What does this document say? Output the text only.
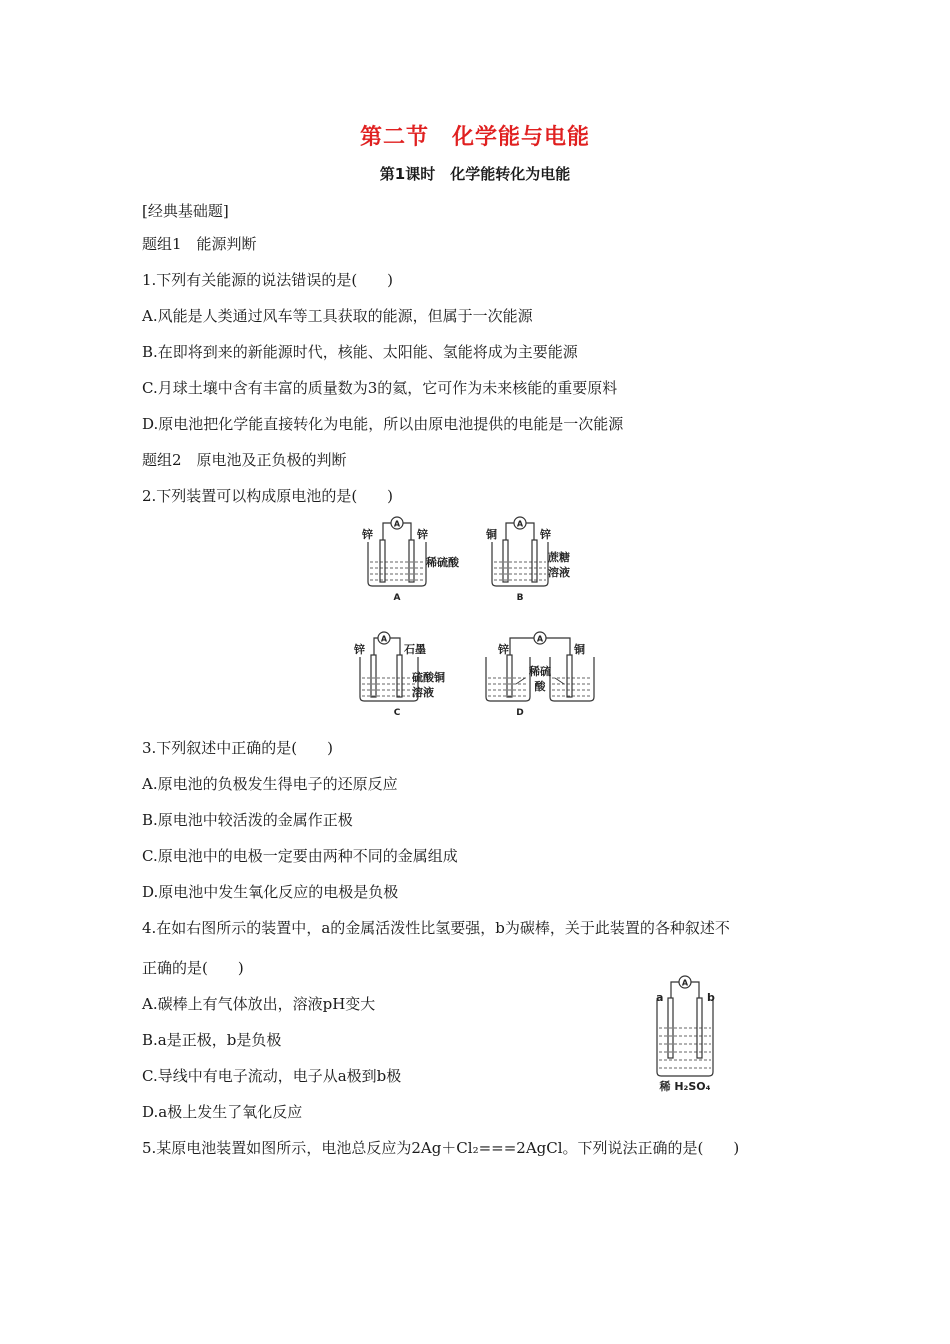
第二节　化学能与电能
第1课时　化学能转化为电能
[经典基础题]
题组1　能源判断
1.下列有关能源的说法错误的是(　　)
A.风能是人类通过风车等工具获取的能源，但属于一次能源
B.在即将到来的新能源时代，核能、太阳能、氢能将成为主要能源
C.月球土壤中含有丰富的质量数为3的氦，它可作为未来核能的重要原料
D.原电池把化学能直接转化为电能，所以由原电池提供的电能是一次能源
题组2　原电池及正负极的判断
2.下列装置可以构成原电池的是(　　)
A
锌	锌
稀硫酸
A
A
铜	锌
蔗糖
溶液
B
A
锌	石墨
硫酸铜
溶液
C
A
锌	铜
稀硫
酸
D
3.下列叙述中正确的是(　　)
A.原电池的负极发生得电子的还原反应
B.原电池中较活泼的金属作正极
C.原电池中的电极一定要由两种不同的金属组成
D.原电池中发生氧化反应的电极是负极
4.在如右图所示的装置中，a的金属活泼性比氢要强，b为碳棒，关于此装置的各种叙述不
正确的是(　　)
A.碳棒上有气体放出，溶液pH变大
B.a是正极，b是负极
C.导线中有电子流动，电子从a极到b极
D.a极上发生了氧化反应
A
a	b
稀 H₂SO₄
5.某原电池装置如图所示，电池总反应为2Ag＋Cl₂===2AgCl。下列说法正确的是(　　)
